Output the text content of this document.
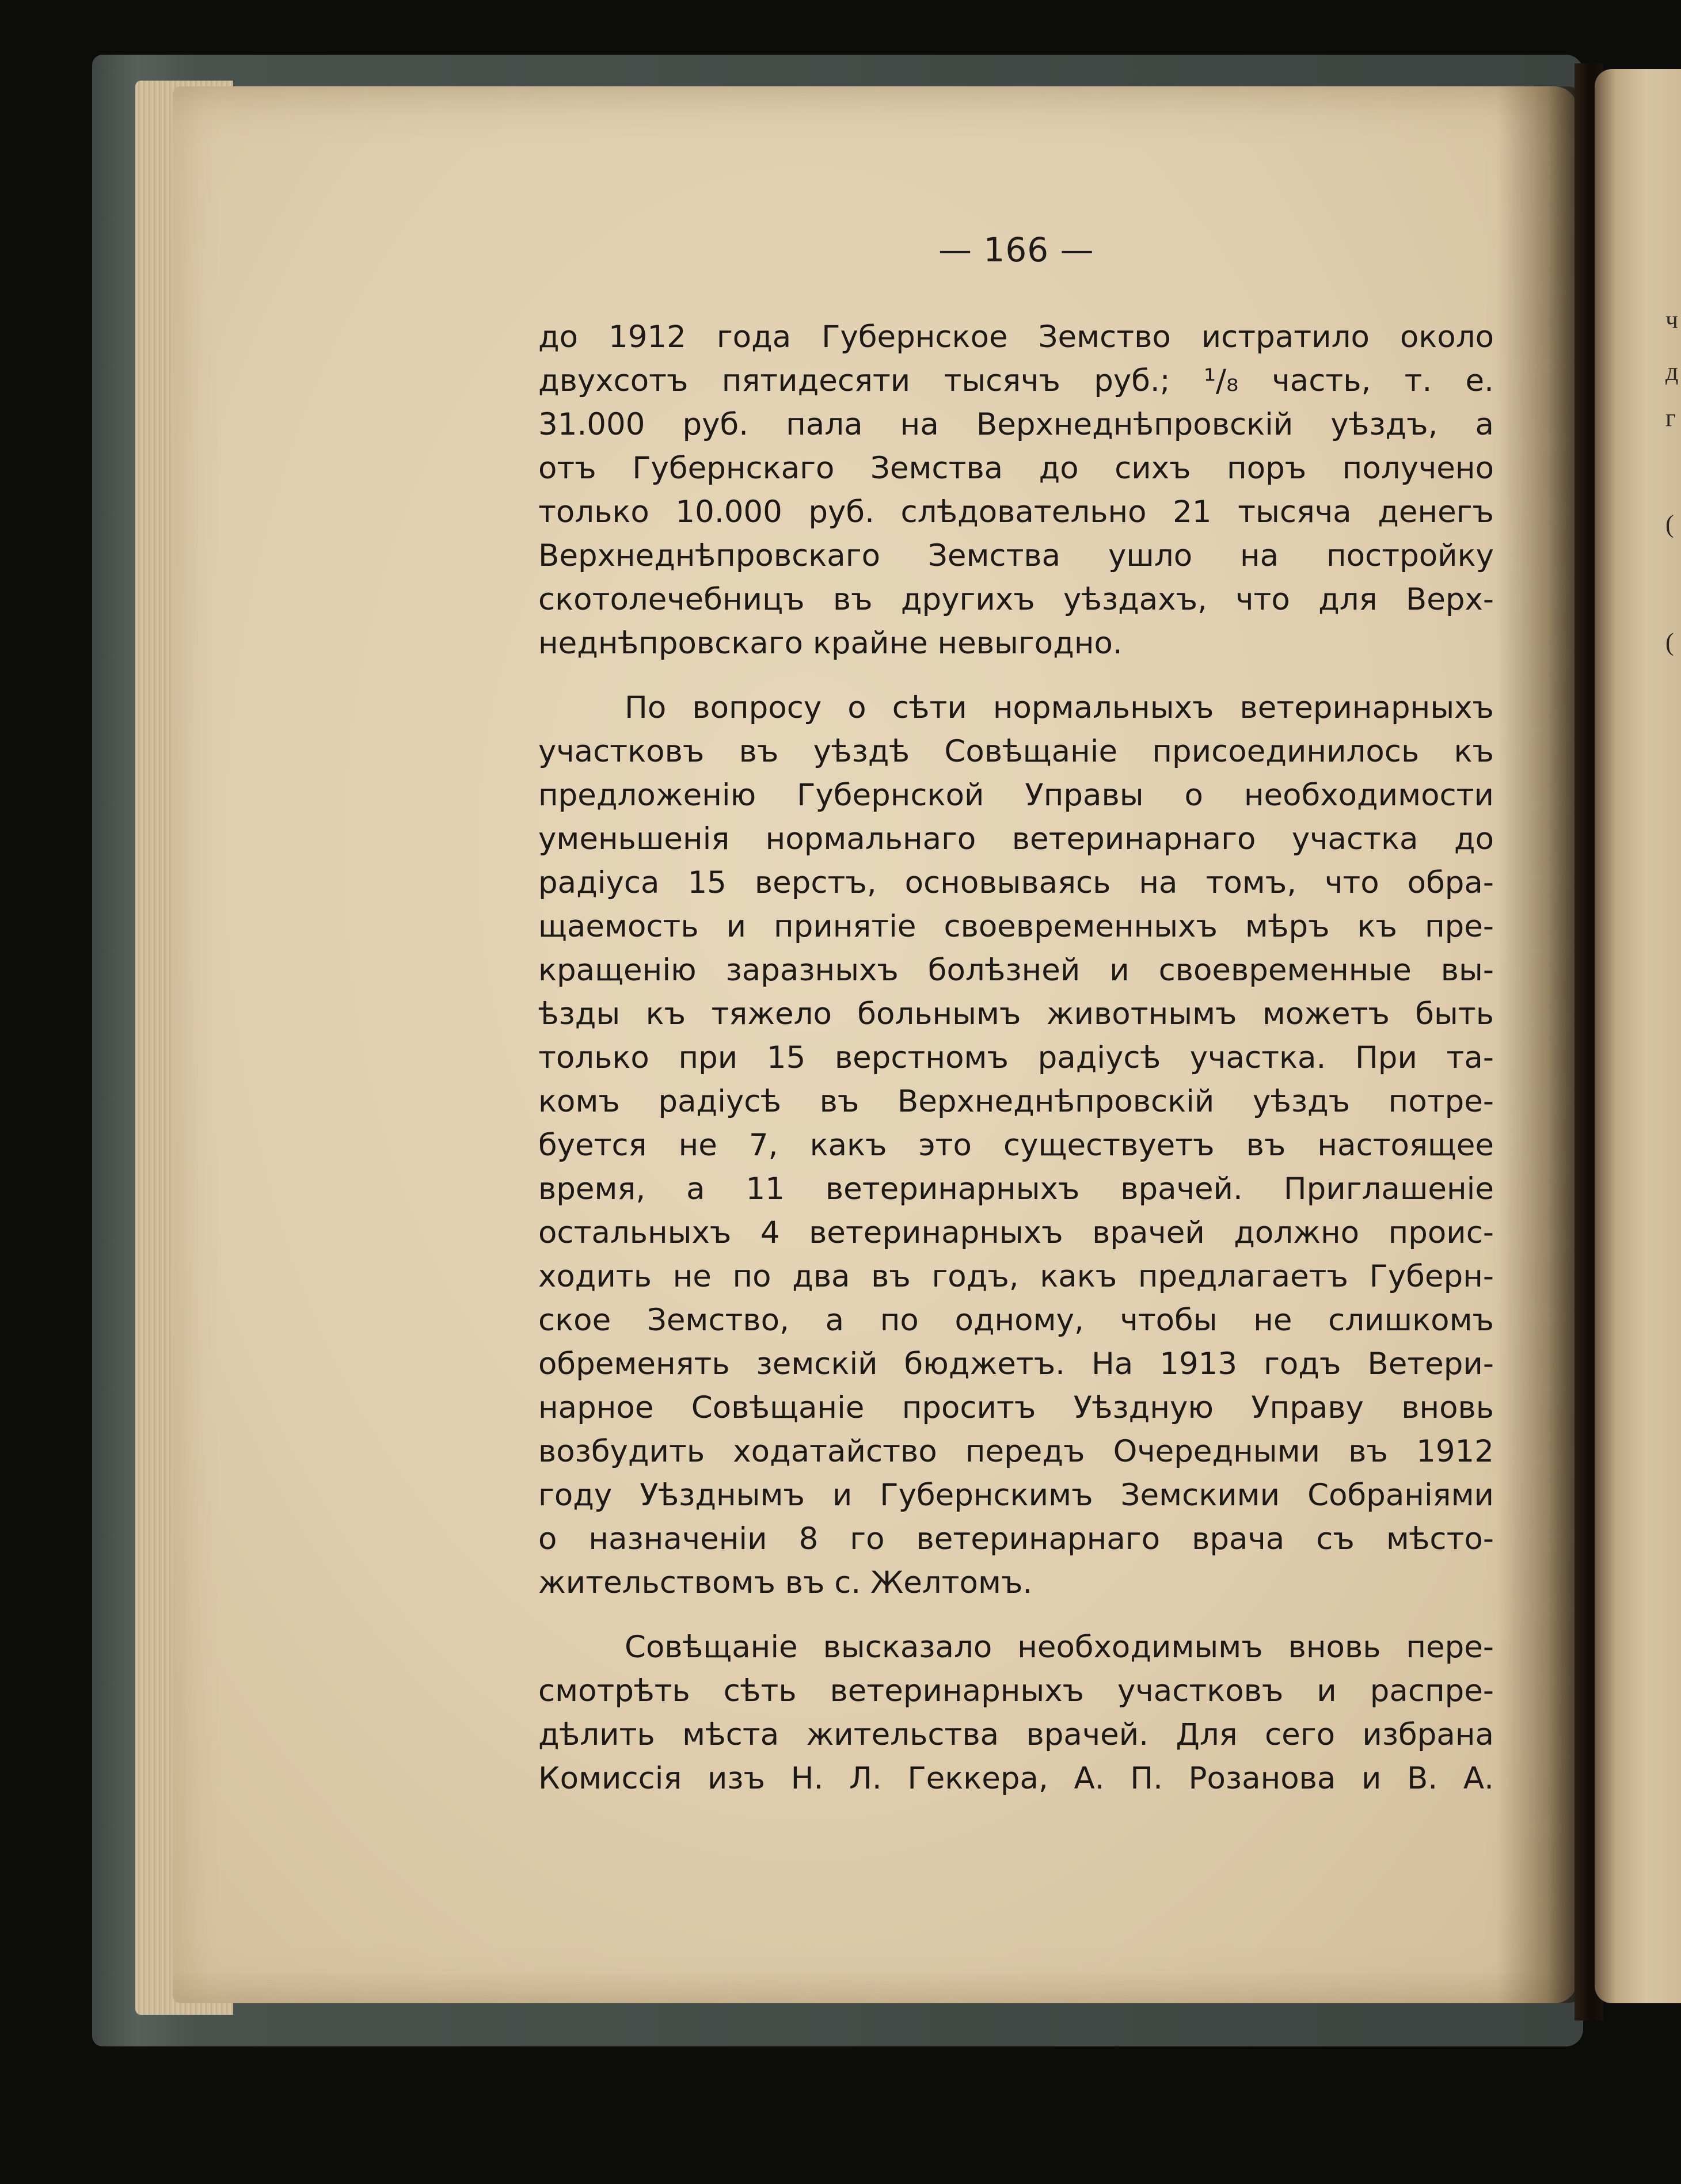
ч
д
г
(
(
— 166 —
до 1912 года Губернское Земство истратило около
двухсотъ пятидесяти тысячъ руб.; ¹/₈ часть, т. е.
31.000 руб. пала на Верхнеднѣпровскій уѣздъ, а
отъ Губернскаго Земства до сихъ поръ получено
только 10.000 руб. слѣдовательно 21 тысяча денегъ
Верхнеднѣпровскаго Земства ушло на постройку
скотолечебницъ въ другихъ уѣздахъ, что для Верх-
неднѣпровскаго крайне невыгодно.
По вопросу о сѣти нормальныхъ ветеринарныхъ
участковъ въ уѣздѣ Совѣщаніе присоединилось къ
предложенію Губернской Управы о необходимости
уменьшенія нормальнаго ветеринарнаго участка до
радіуса 15 верстъ, основываясь на томъ, что обра-
щаемость и принятіе своевременныхъ мѣръ къ пре-
кращенію заразныхъ болѣзней и своевременные вы-
ѣзды къ тяжело больнымъ животнымъ можетъ быть
только при 15 верстномъ радіусѣ участка. При та-
комъ радіусѣ въ Верхнеднѣпровскій уѣздъ потре-
буется не 7, какъ это существуетъ въ настоящее
время, а 11 ветеринарныхъ врачей. Приглашеніе
остальныхъ 4 ветеринарныхъ врачей должно проис-
ходить не по два въ годъ, какъ предлагаетъ Губерн-
ское Земство, а по одному, чтобы не слишкомъ
обременять земскій бюджетъ. На 1913 годъ Ветери-
нарное Совѣщаніе проситъ Уѣздную Управу вновь
возбудить ходатайство передъ Очередными въ 1912
году Уѣзднымъ и Губернскимъ Земскими Собраніями
о назначеніи 8 го ветеринарнаго врача съ мѣсто-
жительствомъ въ с. Желтомъ.
Совѣщаніе высказало необходимымъ вновь пере-
смотрѣть сѣть ветеринарныхъ участковъ и распре-
дѣлить мѣста жительства врачей. Для сего избрана
Комиссія изъ Н. Л. Геккера, А. П. Розанова и В. А.
